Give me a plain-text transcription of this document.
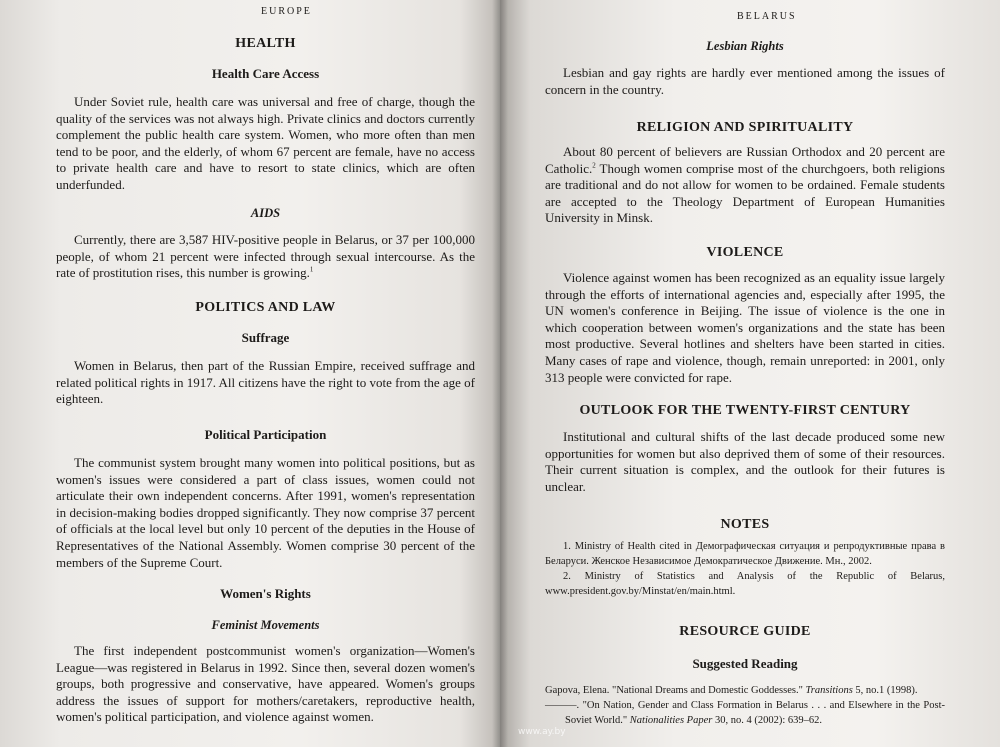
EUROPE

HEALTH
Health Care Access

Under Soviet rule, health care was universal and free of charge, though the quality of the services was not always high. Private clinics and doctors currently complement the public health care system. Women, who more often than men tend to be poor, and the elderly, of whom 67 percent are female, have no access to private health care and have to resort to state clinics, which are often underfunded.

AIDS

Currently, there are 3,587 HIV-positive people in Belarus, or 37 per 100,000 people, of whom 21 percent were infected through sexual intercourse. As the rate of prostitution rises, this number is growing.$^1$

POLITICS AND LAW
Suffrage

Women in Belarus, then part of the Russian Empire, received suffrage and related political rights in 1917. All citizens have the right to vote from the age of eighteen.

Political Participation

The communist system brought many women into political positions, but as women's issues were considered a part of class issues, women could not articulate their own independent concerns. After 1991, women's representation in decision-making bodies dropped significantly. They now comprise 37 percent of officials at the local level but only 10 percent of the deputies in the House of Representatives of the National Assembly. Women comprise 30 percent of the members of the Supreme Court.

Women's Rights
Feminist Movements

The first independent postcommunist women's organization—Women's League—was registered in Belarus in 1992. Since then, several dozen women's groups, both progressive and conservative, have appeared. Women's groups address the issues of support for mothers/caretakers, reproductive health, women's political participation, and violence against women.

BELARUS

Lesbian Rights

Lesbian and gay rights are hardly ever mentioned among the issues of concern in the country.

RELIGION AND SPIRITUALITY

About 80 percent of believers are Russian Orthodox and 20 percent are Catholic.$^2$ Though women comprise most of the churchgoers, both religions are traditional and do not allow for women to be ordained. Female students are accepted to the Theology Department of European Humanities University in Minsk.

VIOLENCE

Violence against women has been recognized as an equality issue largely through the efforts of international agencies and, especially after 1995, the UN women's conference in Beijing. The issue of violence is the one in which cooperation between women's organizations and the state has been most productive. Several hotlines and shelters have been started in cities. Many cases of rape and violence, though, remain unreported: in 2001, only 313 people were convicted for rape.

OUTLOOK FOR THE TWENTY-FIRST CENTURY

Institutional and cultural shifts of the last decade produced some new opportunities for women but also deprived them of some of their resources. Their current situation is complex, and the outlook for their futures is unclear.

NOTES

1. Ministry of Health cited in Демографическая ситуация и репродуктивные права в Беларуси. Женское Независимое Демократическое Движение. Мн., 2002.

2. Ministry of Statistics and Analysis of the Republic of Belarus, www.president.gov.by/Minstat/en/main.html.

RESOURCE GUIDE
Suggested Reading

Gapova, Elena. "National Dreams and Domestic Goddesses." Transitions 5, no.1 (1998).

———. "On Nation, Gender and Class Formation in Belarus . . . and Elsewhere in the Post-Soviet World." Nationalities Paper 30, no. 4 (2002): 639–62.

www.ay.by
